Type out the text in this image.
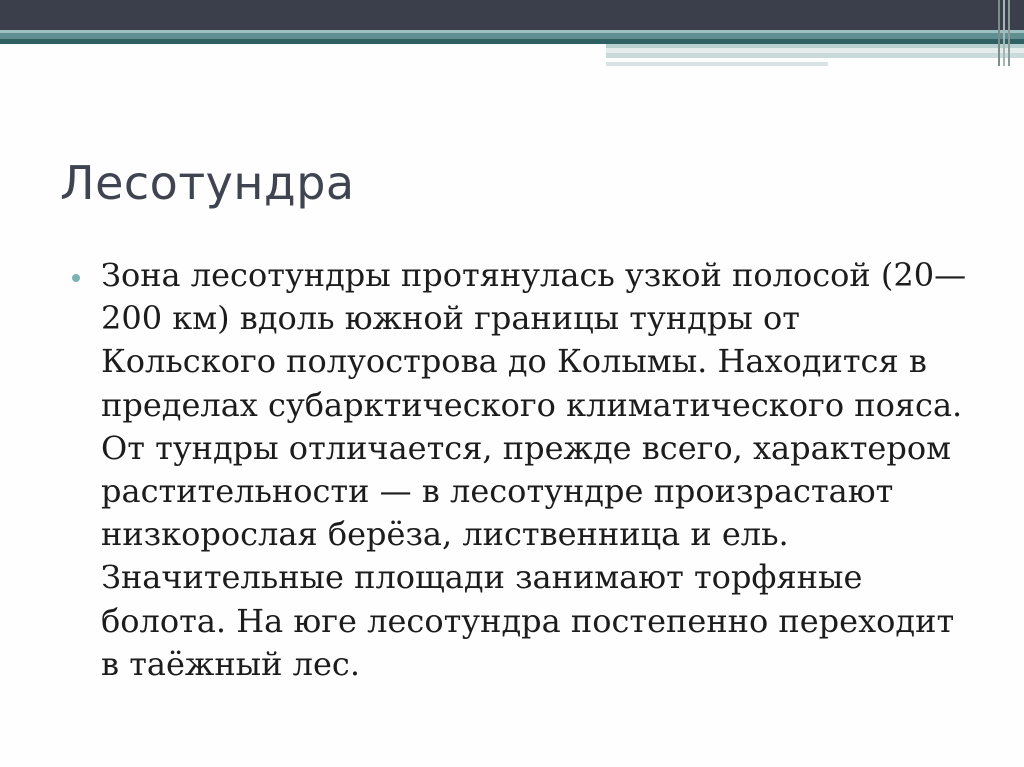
Лесотундра

Зона лесотундры протянулась узкой полосой (20—200 км) вдоль южной границы тундры от Кольского полуострова до Колымы. Находится в пределах субарктического климатического пояса. От тундры отличается, прежде всего, характером растительности — в лесотундре произрастают низкорослая берёза, лиственница и ель. Значительные площади занимают торфяные болота. На юге лесотундра постепенно переходит в таёжный лес.
